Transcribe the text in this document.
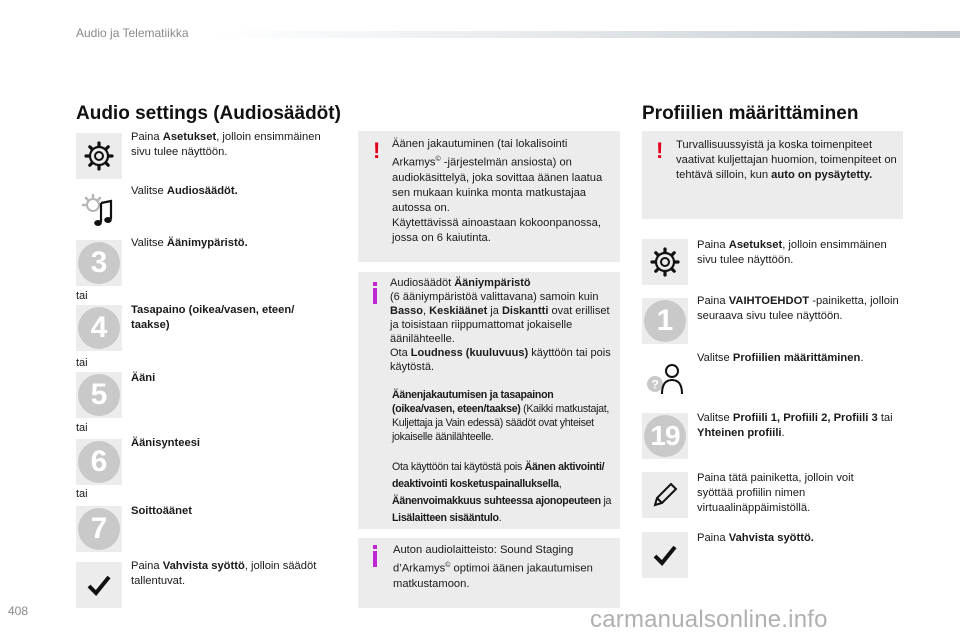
Audio ja Telematiikka
Audio settings (Audiosäädöt)
Paina Asetukset, jolloin ensimmäinen sivu tulee näyttöön.
Valitse Audiosäädöt.
3
Valitse Äänimypäristö.
tai
4
Tasapaino (oikea/vasen, eteen/ taakse)
tai
5	Ääni
tai
6
Äänisynteesi
tai
7
Soittoäänet
Paina Vahvista syöttö, jolloin säädöt tallentuvat.
! Äänen jakautuminen (tai lokalisointi Arkamys© -järjestelmän ansiosta) on audiokäsittelyä, joka sovittaa äänen laatua sen mukaan kuinka monta matkustajaa autossa on.
Käytettävissä ainoastaan kokoonpanossa, jossa on 6 kaiutinta.
Audiosäädöt Ääniympäristö
(6 ääniympäristöä valittavana) samoin kuin Basso, Keskiäänet ja Diskantti ovat erilliset ja toisistaan riippumattomat jokaiselle äänilähteelle.
Ota Loudness (kuuluvuus) käyttöön tai pois käytöstä.
Äänenjakautumisen ja tasapainon (oikea/vasen, eteen/taakse) (Kaikki matkustajat, Kuljettaja ja Vain edessä) säädöt ovat yhteiset jokaiselle äänilähteelle.
Ota käyttöön tai käytöstä pois Äänen aktivointi/ deaktivointi kosketuspainalluksella, Äänenvoimakkuus suhteessa ajonopeuteen ja Lisälaitteen sisääntulo.
Auton audiolaitteisto: Sound Staging d’Arkamys© optimoi äänen jakautumisen matkustamoon.
Profiilien määrittäminen
! Turvallisuussyistä ja koska toimenpiteet vaativat kuljettajan huomion, toimenpiteet on tehtävä silloin, kun auto on pysäytetty.
Paina Asetukset, jolloin ensimmäinen sivu tulee näyttöön.
1
Paina VAIHTOEHDOT -painiketta, jolloin seuraava sivu tulee näyttöön.
?
Valitse Profiilien määrittäminen.
19
Valitse Profiili 1, Profiili 2, Profiili 3 tai Yhteinen profiili.
Paina tätä painiketta, jolloin voit syöttää profiilin nimen virtuaalinäppäimistöllä.
Paina Vahvista syöttö.
408	carmanualsonline.info
